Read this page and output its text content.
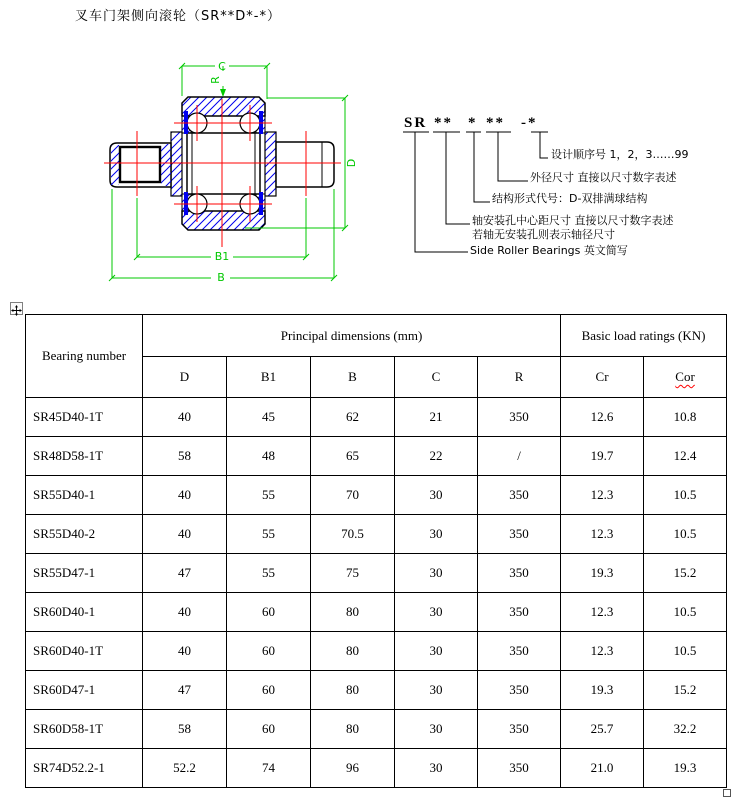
叉车门架侧向滚轮（SR**D*-*）
C
R
D
B1
B
SR ** * ** -*
设计顺序号 1，2，3……99
外径尺寸 直接以尺寸数字表述
结构形式代号：D-双排满球结构
轴安装孔中心距尺寸 直接以尺寸数字表述
若轴无安装孔则表示轴径尺寸
Side Roller Bearings 英文简写
Bearing number	Principal dimensions (mm)					Basic load ratings (KN)	
	D	B1	B	C	R	Cr	Cor
SR45D40-1T	40	45	62	21	350	12.6	10.8
SR48D58-1T	58	48	65	22	/	19.7	12.4
SR55D40-1	40	55	70	30	350	12.3	10.5
SR55D40-2	40	55	70.5	30	350	12.3	10.5
SR55D47-1	47	55	75	30	350	19.3	15.2
SR60D40-1	40	60	80	30	350	12.3	10.5
SR60D40-1T	40	60	80	30	350	12.3	10.5
SR60D47-1	47	60	80	30	350	19.3	15.2
SR60D58-1T	58	60	80	30	350	25.7	32.2
SR74D52.2-1	52.2	74	96	30	350	21.0	19.3
